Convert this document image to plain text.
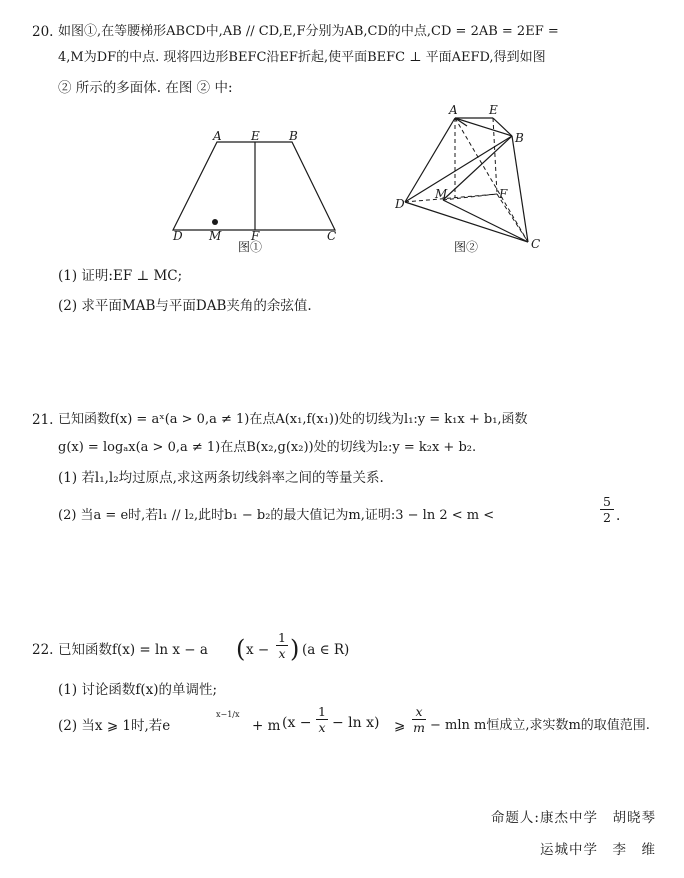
20. 如图①,在等腰梯形ABCD中,AB // CD,E,F分别为AB,CD的中点,CD = 2AB = 2EF =
4,M为DF的中点. 现将四边形BEFC沿EF折起,使平面BEFC ⊥ 平面AEFD,得到如图
② 所示的多面体. 在图 ② 中:
A E B
D M F	C
图①
A	E
B
D
M	F
C
图②
(1) 证明:EF ⊥ MC;
(2) 求平面MAB与平面DAB夹角的余弦值.
21. 已知函数f(x) = aˣ(a > 0,a ≠ 1)在点A(x₁,f(x₁))处的切线为l₁:y = k₁x + b₁,函数
g(x) = logₐx(a > 0,a ≠ 1)在点B(x₂,g(x₂))处的切线为l₂:y = k₂x + b₂.
(1) 若l₁,l₂均过原点,求这两条切线斜率之间的等量关系.
(2) 当a = e时,若l₁ // l₂,此时b₁ − b₂的最大值记为m,证明:3 − ln 2 < m <
5
2 .
22. 已知函数f(x) = ln x − a ( x −
1
x ) (a ∈ R)
(1) 讨论函数f(x)的单调性;
(2) 当x ⩾ 1时,若e
x−1/x
+ m (x −
1
x − ln x) ⩾
x
m − mln m恒成立,求实数m的取值范围.
命题人:康杰中学　胡晓琴
运城中学　李　维
